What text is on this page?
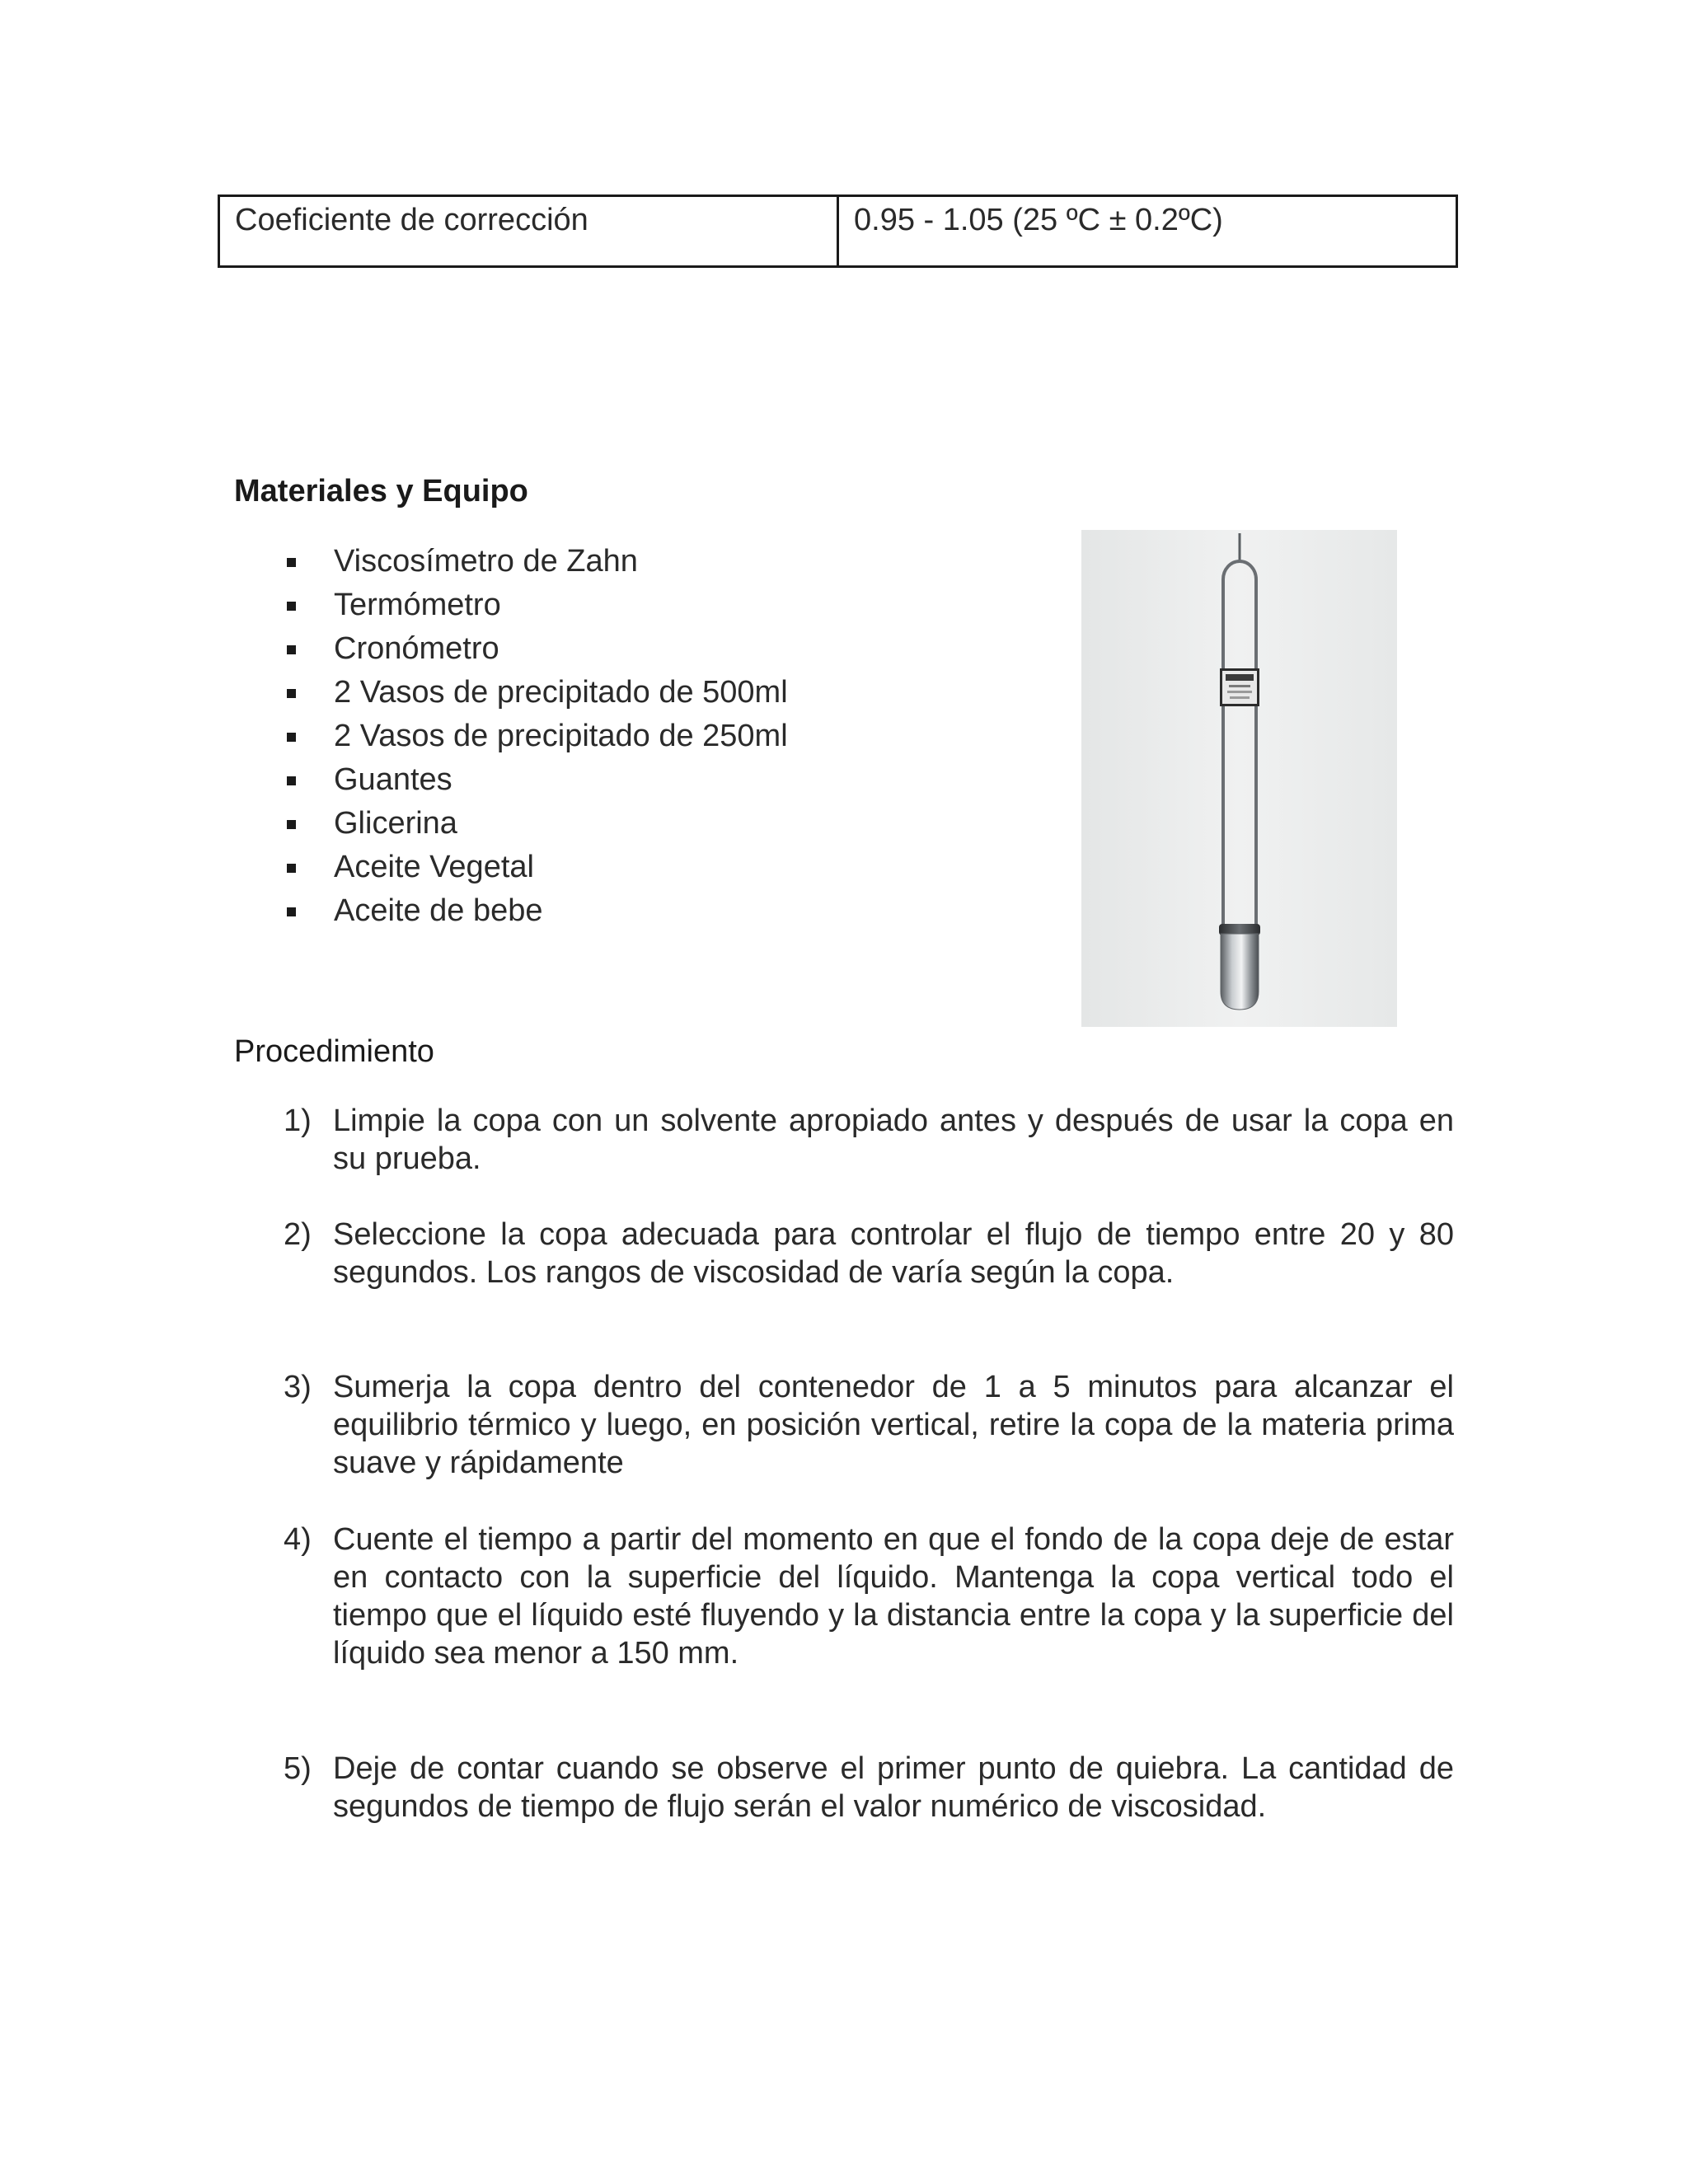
Coeficiente de corrección	0.95 - 1.05 (25 ºC ± 0.2ºC)
Materiales y Equipo
Viscosímetro de Zahn
Termómetro
Cronómetro
2 Vasos de precipitado de 500ml
2 Vasos de precipitado de 250ml
Guantes
Glicerina
Aceite Vegetal
Aceite de bebe
Procedimiento
1) Limpie la copa con un solvente apropiado antes y después de usar la copa en su prueba.
2) Seleccione la copa adecuada para controlar el flujo de tiempo entre 20 y 80 segundos. Los rangos de viscosidad de varía según la copa.
3) Sumerja la copa dentro del contenedor de 1 a 5 minutos para alcanzar el equilibrio térmico y luego, en posición vertical, retire la copa de la materia prima suave y rápidamente
4) Cuente el tiempo a partir del momento en que el fondo de la copa deje de estar en contacto con la superficie del líquido. Mantenga la copa vertical todo el tiempo que el líquido esté fluyendo y la distancia entre la copa y la superficie del líquido sea menor a 150 mm.
5) Deje de contar cuando se observe el primer punto de quiebra. La cantidad de segundos de tiempo de flujo serán el valor numérico de viscosidad.
